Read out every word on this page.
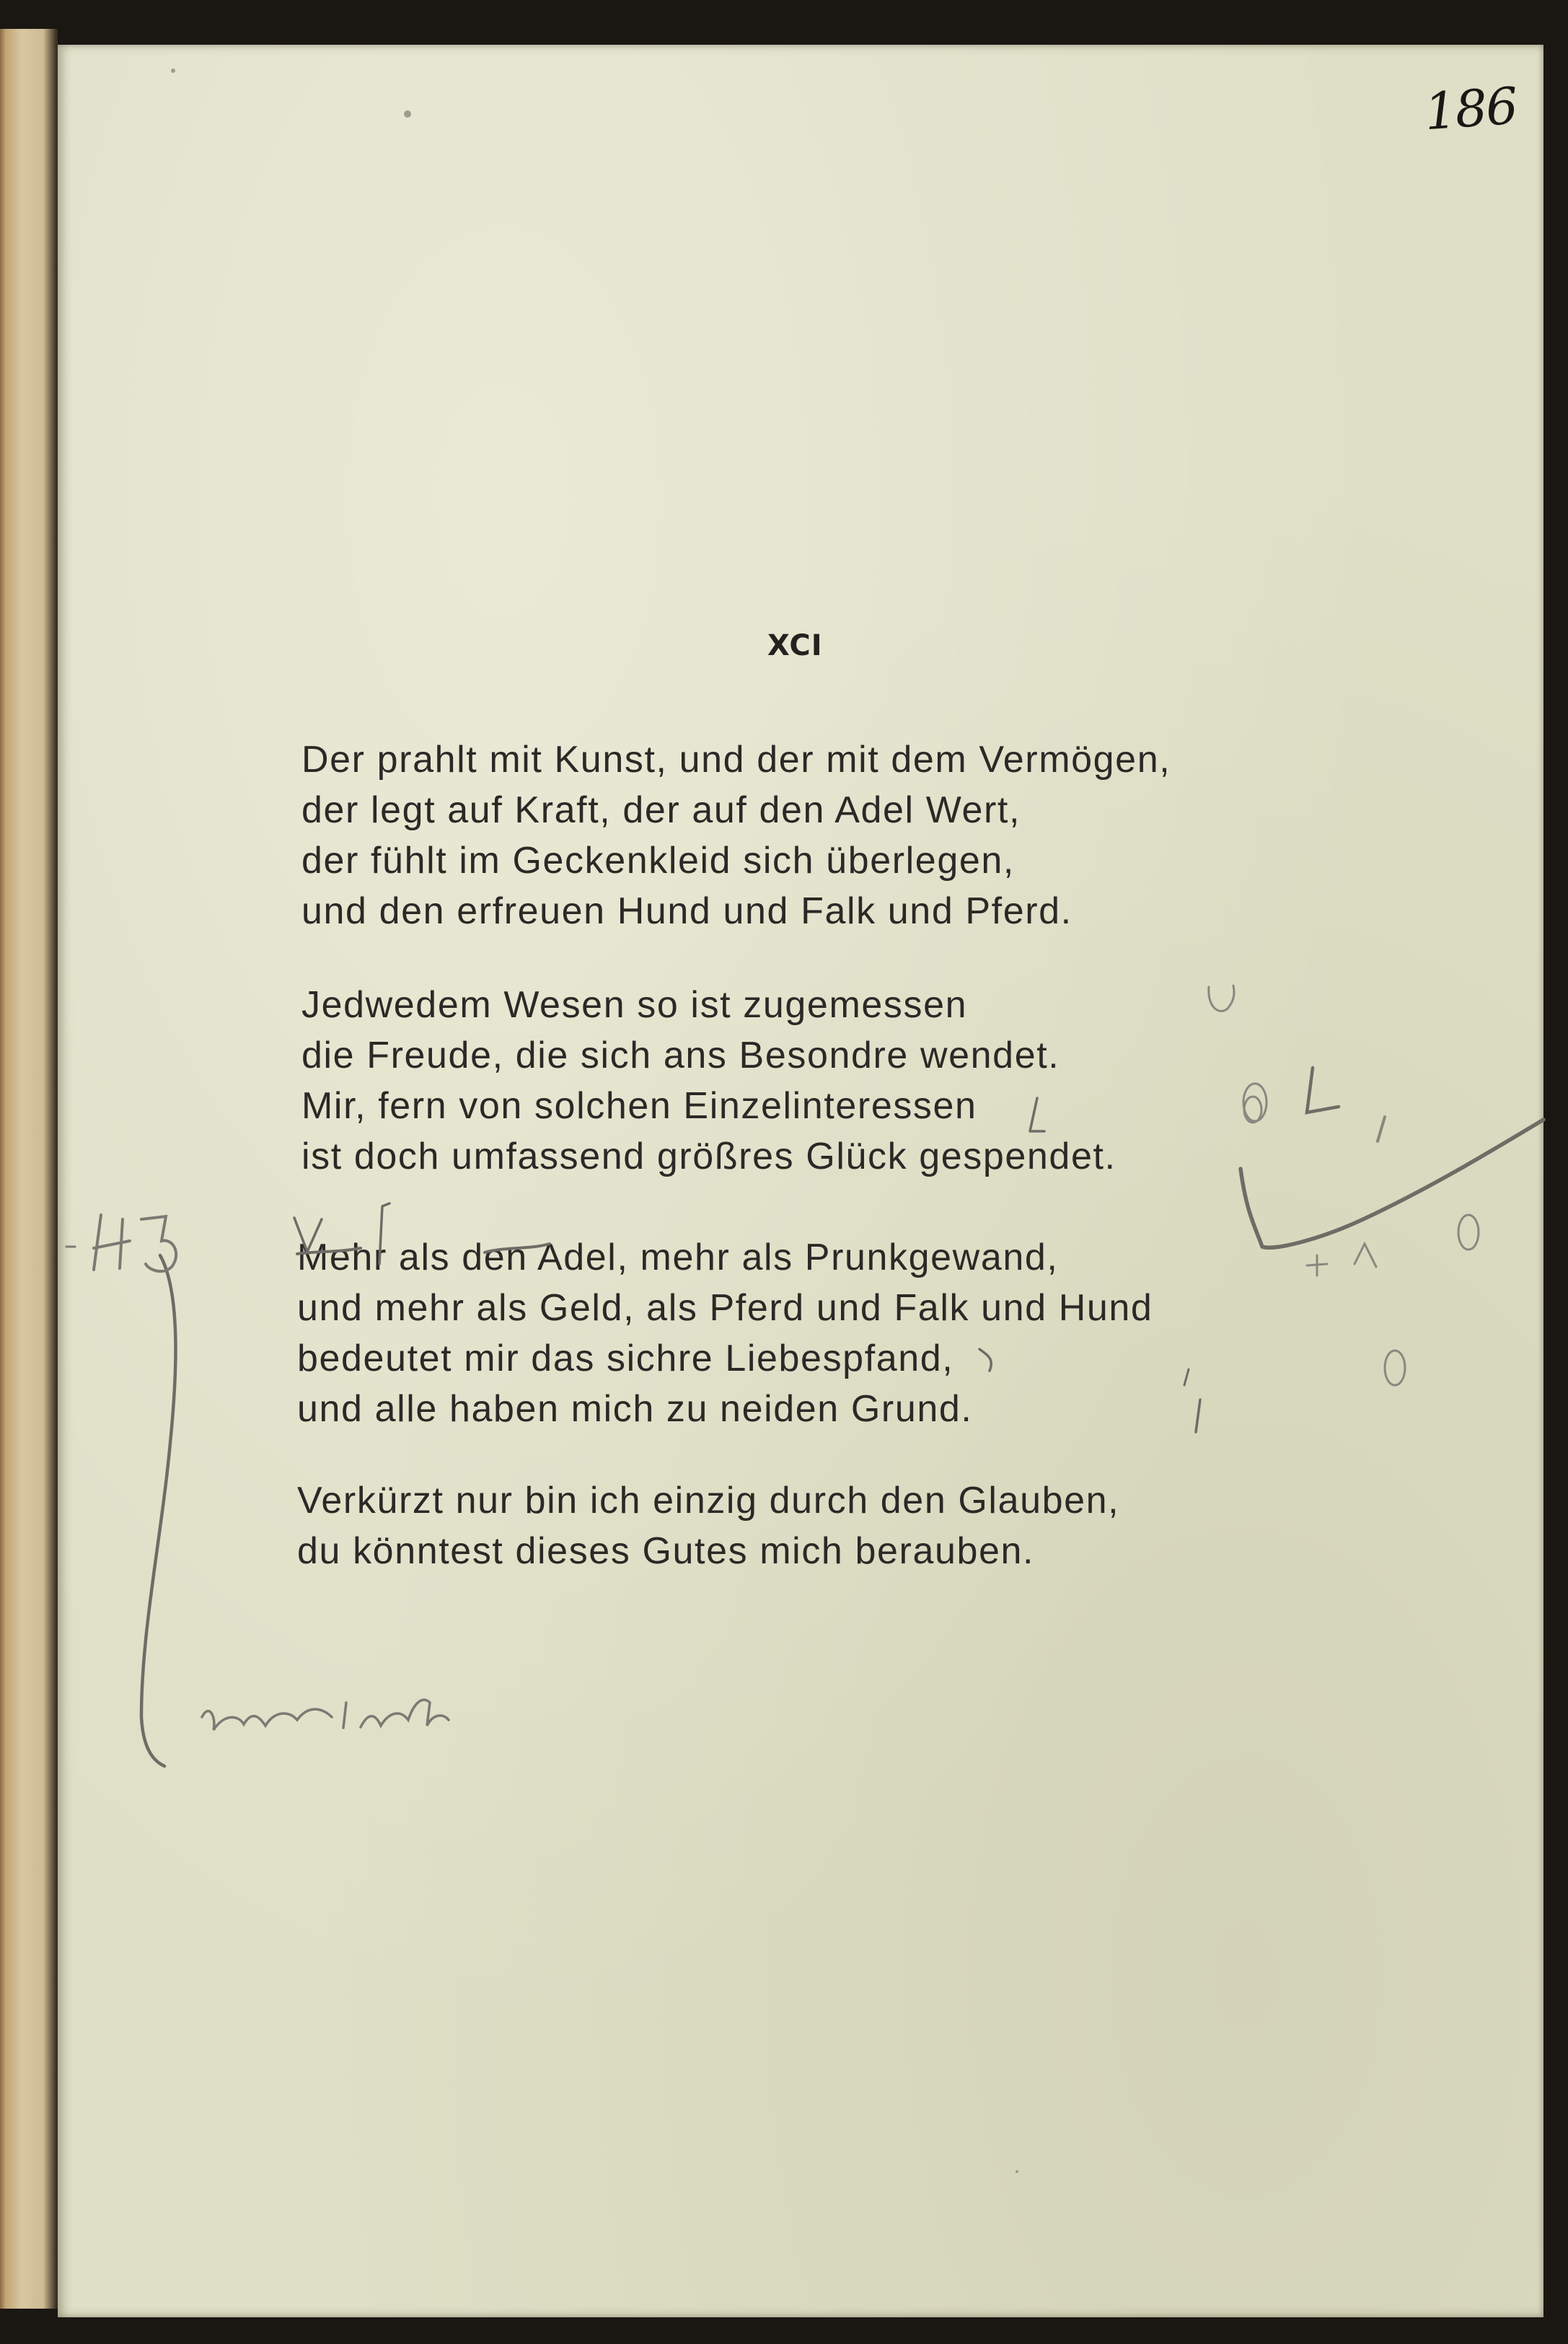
186
XCI
Der prahlt mit Kunst, und der mit dem Vermögen,
der legt auf Kraft, der auf den Adel Wert,
der fühlt im Geckenkleid sich überlegen,
und den erfreuen Hund und Falk und Pferd.
Jedwedem Wesen so ist zugemessen
die Freude, die sich ans Besondre wendet.
Mir, fern von solchen Einzelinteressen
ist doch umfassend größres Glück gespendet.
Mehr als den Adel, mehr als Prunkgewand,
und mehr als Geld, als Pferd und Falk und Hund
bedeutet mir das sichre Liebespfand,
und alle haben mich zu neiden Grund.
Verkürzt nur bin ich einzig durch den Glauben,
du könntest dieses Gutes mich berauben.
